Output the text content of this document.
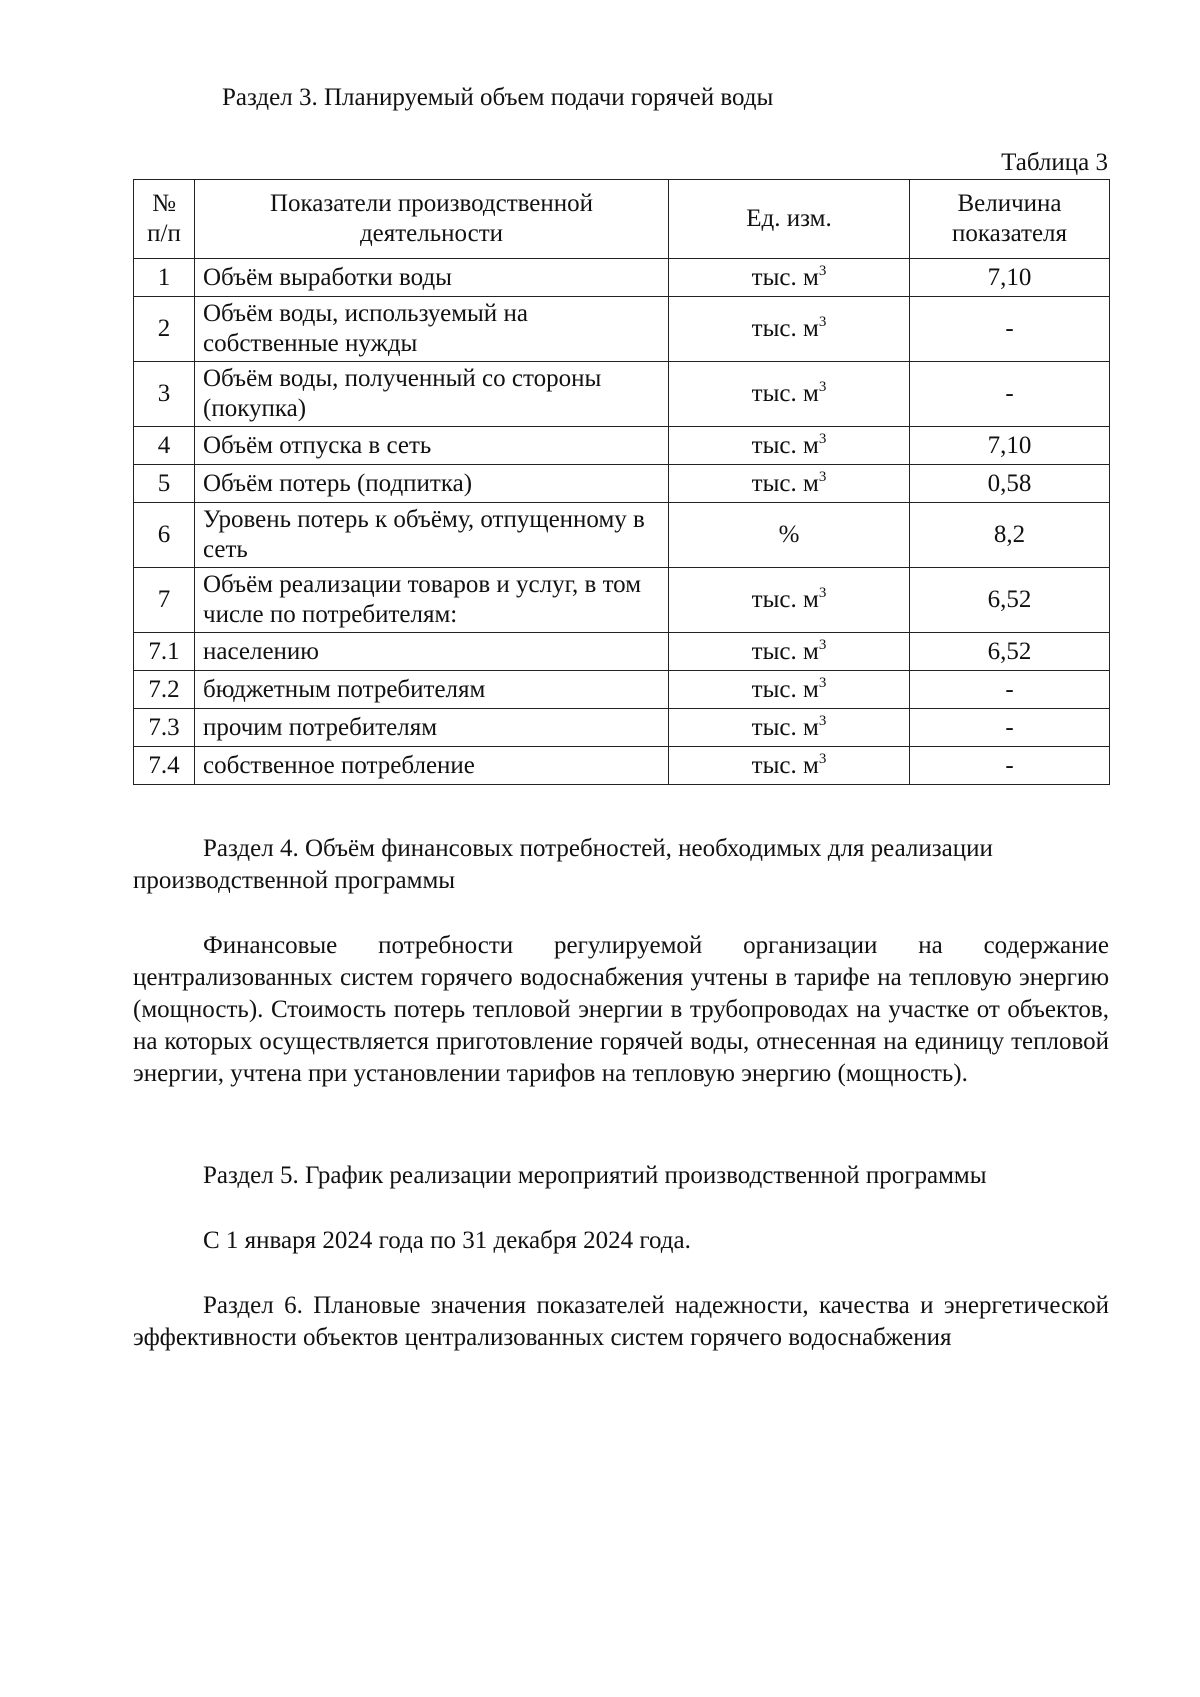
Раздел 3. Планируемый объем подачи горячей воды
Таблица 3
№ п/п	Показатели производственной деятельности	Ед. изм.	Величина показателя
1	Объём выработки воды	тыс. $м^3$	7,10
2	Объём воды, используемый на собственные нужды	тыс. $м^3$	-
3	Объём воды, полученный со стороны (покупка)	тыс. $м^3$	-
4	Объём отпуска в сеть	тыс. $м^3$	7,10
5	Объём потерь (подпитка)	тыс. $м^3$	0,58
6	Уровень потерь к объёму, отпущенному в сеть	%	8,2
7	Объём реализации товаров и услуг, в том числе по потребителям:	тыс. $м^3$	6,52
7.1	населению	тыс. $м^3$	6,52
7.2	бюджетным потребителям	тыс. $м^3$	-
7.3	прочим потребителям	тыс. $м^3$	-
7.4	собственное потребление	тыс. $м^3$	-
Раздел 4. Объём финансовых потребностей, необходимых для реализации производственной программы

Финансовые потребности регулируемой организации на содержание централизованных систем горячего водоснабжения учтены в тарифе на тепловую энергию (мощность). Стоимость потерь тепловой энергии в трубопроводах на участке от объектов, на которых осуществляется приготовление горячей воды, отнесенная на единицу тепловой энергии, учтена при установлении тарифов на тепловую энергию (мощность).

Раздел 5. График реализации мероприятий производственной программы

С 1 января 2024 года по 31 декабря 2024 года.

Раздел 6. Плановые значения показателей надежности, качества и энергетической эффективности объектов централизованных систем горячего водоснабжения
